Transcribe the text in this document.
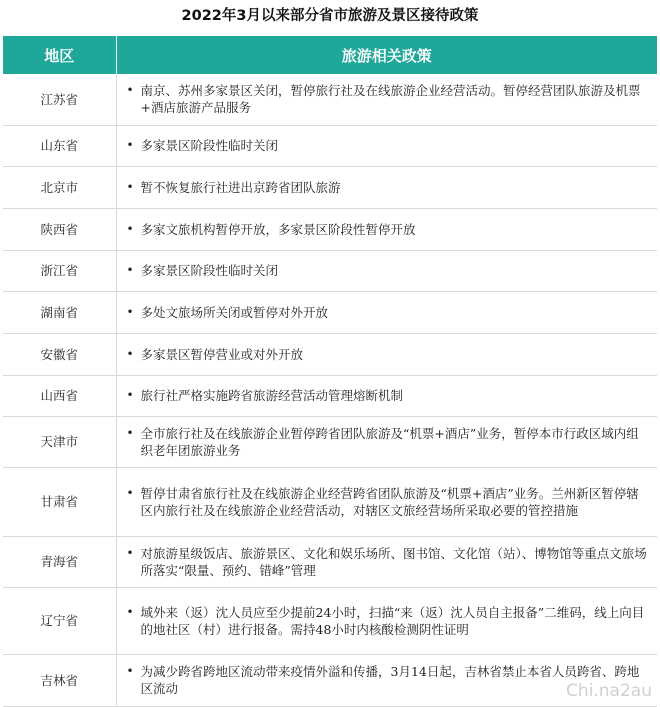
2022年3月以来部分省市旅游及景区接待政策
地区	旅游相关政策
江苏省	• 南京、苏州多家景区关闭，暂停旅行社及在线旅游企业经营活动。暂停经营团队旅游及机票+酒店旅游产品服务

山东省	• 多家景区阶段性临时关闭

北京市	• 暂不恢复旅行社进出京跨省团队旅游

陕西省	• 多家文旅机构暂停开放，多家景区阶段性暂停开放

浙江省	• 多家景区阶段性临时关闭

湖南省	• 多处文旅场所关闭或暂停对外开放

安徽省	• 多家景区暂停营业或对外开放

山西省	• 旅行社严格实施跨省旅游经营活动管理熔断机制

天津市	• 全市旅行社及在线旅游企业暂停跨省团队旅游及“机票+酒店”业务，暂停本市行政区域内组织老年团旅游业务

甘肃省	• 暂停甘肃省旅行社及在线旅游企业经营跨省团队旅游及“机票+酒店”业务。兰州新区暂停辖区内旅行社及在线旅游企业经营活动，对辖区文旅经营场所采取必要的管控措施

青海省	• 对旅游星级饭店、旅游景区、文化和娱乐场所、图书馆、文化馆（站）、博物馆等重点文旅场所落实“限量、预约、错峰”管理

辽宁省	• 域外来（返）沈人员应至少提前24小时，扫描“来（返）沈人员自主报备”二维码，线上向目的地社区（村）进行报备。需持48小时内核酸检测阴性证明

吉林省	• 为减少跨省跨地区流动带来疫情外溢和传播，3月14日起，吉林省禁止本省人员跨省、跨地区流动	Chi.na2au
